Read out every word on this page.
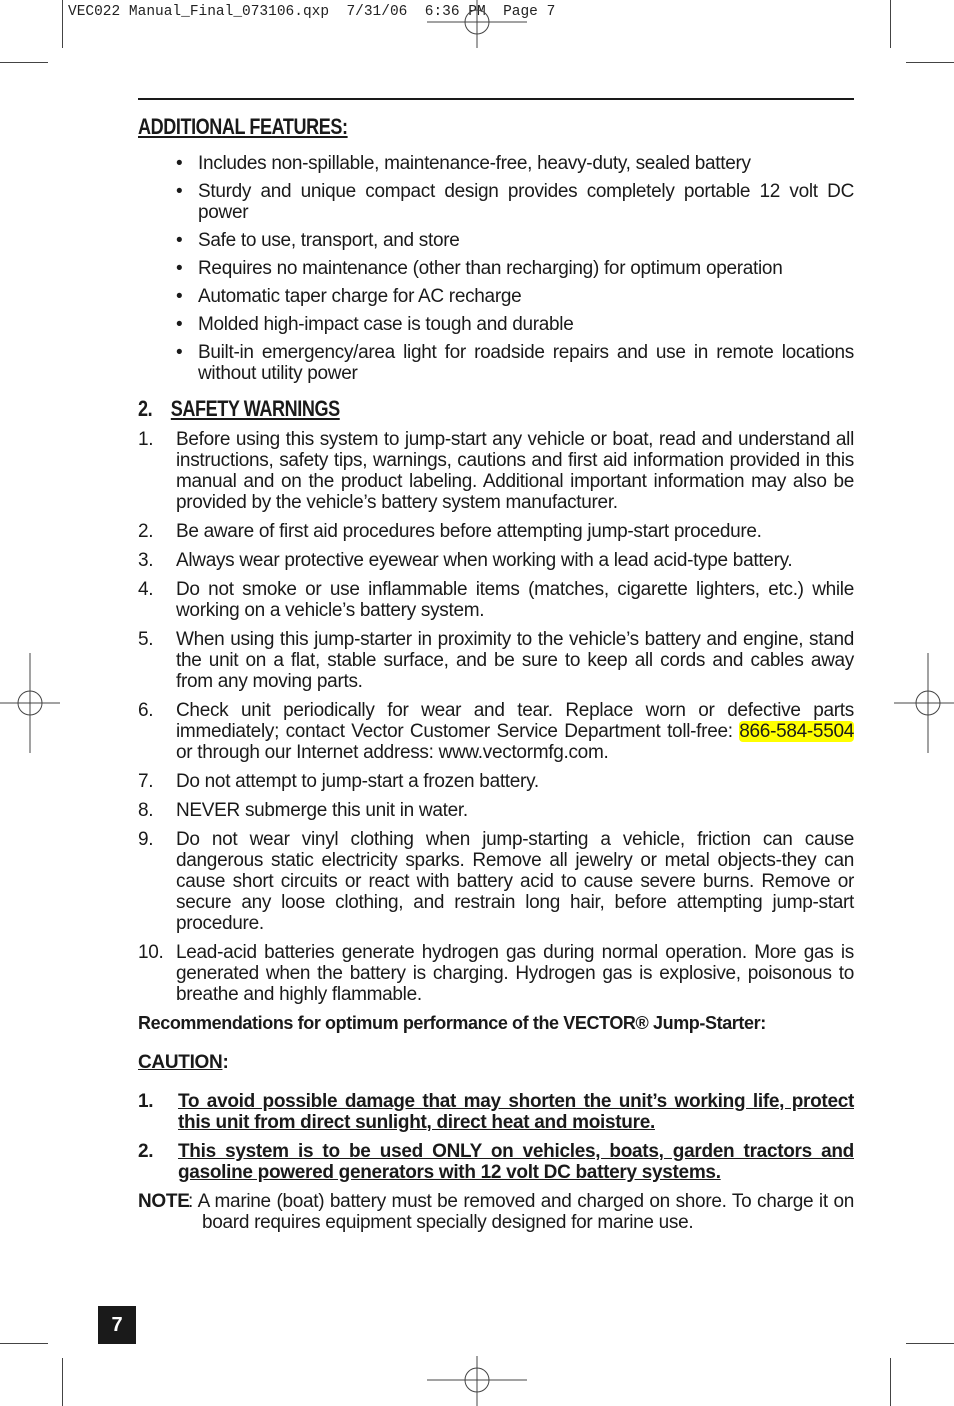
VEC022 Manual_Final_073106.qxp  7/31/06  6:36 PM  Page 7
ADDITIONAL FEATURES:
• Includes non-spillable, maintenance-free, heavy-duty, sealed battery
• Sturdy and unique compact design provides completely portable 12 volt DC power
• Safe to use, transport, and store
• Requires no maintenance (other than recharging) for optimum operation
• Automatic taper charge for AC recharge
• Molded high-impact case is tough and durable
• Built-in emergency/area light for roadside repairs and use in remote locations without utility power
2. SAFETY WARNINGS
1. Before using this system to jump-start any vehicle or boat, read and understand all instructions, safety tips, warnings, cautions and first aid information provided in this manual and on the product labeling. Additional important information may also be provided by the vehicle’s battery system manufacturer.
2. Be aware of first aid procedures before attempting jump-start procedure.
3. Always wear protective eyewear when working with a lead acid-type battery.
4. Do not smoke or use inflammable items (matches, cigarette lighters, etc.) while working on a vehicle’s battery system.
5. When using this jump-starter in proximity to the vehicle’s battery and engine, stand the unit on a flat, stable surface, and be sure to keep all cords and cables away from any moving parts.
6. Check unit periodically for wear and tear. Replace worn or defective parts immediately; contact Vector Customer Service Department toll-free: 866-584-5504 or through our Internet address: www.vectormfg.com.
7. Do not attempt to jump-start a frozen battery.
8. NEVER submerge this unit in water.
9. Do not wear vinyl clothing when jump-starting a vehicle, friction can cause dangerous static electricity sparks. Remove all jewelry or metal objects-they can cause short circuits or react with battery acid to cause severe burns. Remove or secure any loose clothing, and restrain long hair, before attempting jump-start procedure.
10. Lead-acid batteries generate hydrogen gas during normal operation. More gas is generated when the battery is charging. Hydrogen gas is explosive, poisonous to breathe and highly flammable.
Recommendations for optimum performance of the VECTOR® Jump-Starter:
CAUTION:
1. To avoid possible damage that may shorten the unit’s working life, protect this unit from direct sunlight, direct heat and moisture.
2. This system is to be used ONLY on vehicles, boats, garden tractors and gasoline powered generators with 12 volt DC battery systems.
NOTE
: A marine (boat) battery must be removed and charged on shore. To charge it on board requires equipment specially designed for marine use.
7
